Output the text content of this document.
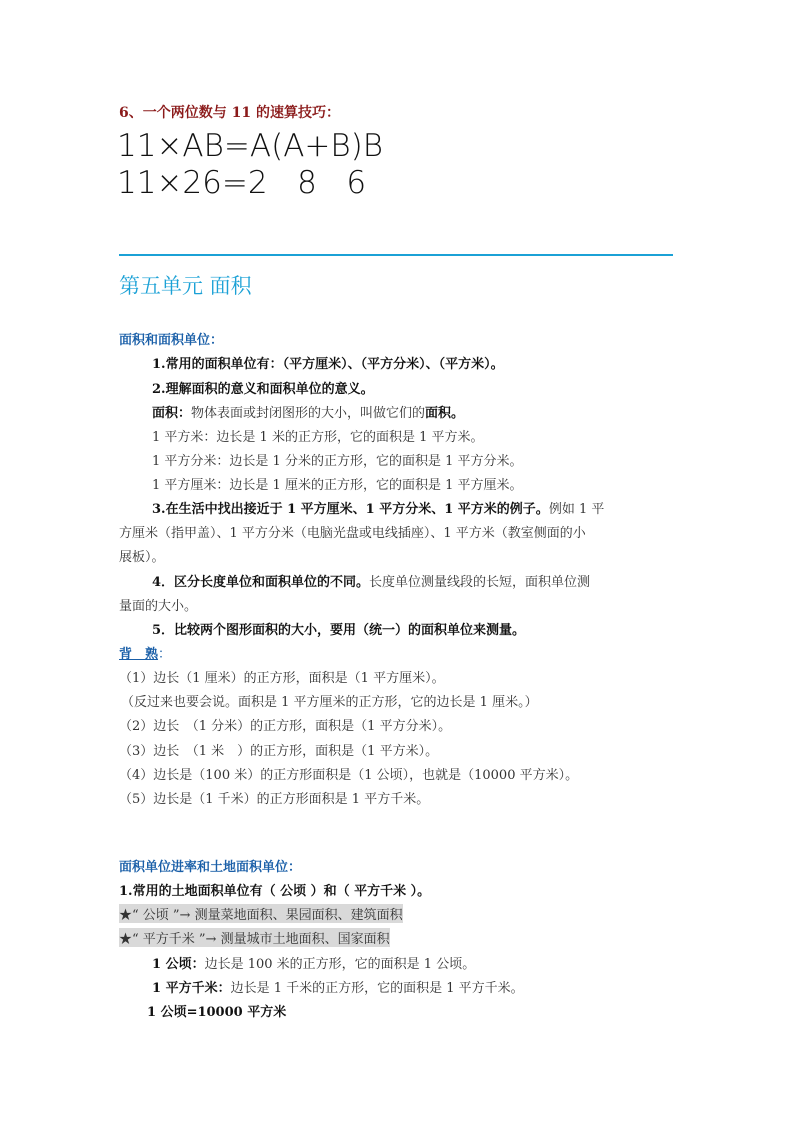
6、一个两位数与 11 的速算技巧：
11×AB=A(A+B)B
11×26=2   8   6
第五单元 面积
面积和面积单位：
1.常用的面积单位有：（平方厘米）、（平方分米）、（平方米）。
2.理解面积的意义和面积单位的意义。
面积：物体表面或封闭图形的大小，叫做它们的面积。
1 平方米：边长是 1 米的正方形，它的面积是 1 平方米。
1 平方分米：边长是 1 分米的正方形，它的面积是 1 平方分米。
1 平方厘米：边长是 1 厘米的正方形，它的面积是 1 平方厘米。
3.在生活中找出接近于 1 平方厘米、1 平方分米、1 平方米的例子。例如 1 平
方厘米（指甲盖）、1 平方分米（电脑光盘或电线插座）、1 平方米（教室侧面的小
展板）。
4．区分长度单位和面积单位的不同。长度单位测量线段的长短，面积单位测
量面的大小。
5．比较两个图形面积的大小，要用（统一）的面积单位来测量。
背　熟：
（1）边长（1 厘米）的正方形，面积是（1 平方厘米）。
（反过来也要会说。面积是 1 平方厘米的正方形，它的边长是 1 厘米。）
（2）边长　（1 分米）的正方形，面积是（1 平方分米）。
（3）边长　（1 米　）的正方形，面积是（1 平方米）。
（4）边长是（100 米）的正方形面积是（1 公顷），也就是（10000 平方米）。
（5）边长是（1 千米）的正方形面积是 1 平方千米。
面积单位进率和土地面积单位：
1.常用的土地面积单位有（ 公顷 ）和（ 平方千米 ）。
★“ 公顷 ”→ 测量菜地面积、果园面积、建筑面积
★“ 平方千米 ”→ 测量城市土地面积、国家面积
1 公顷：边长是 100 米的正方形，它的面积是 1 公顷。
1 平方千米：边长是 1 千米的正方形，它的面积是 1 平方千米。
1 公顷=10000 平方米
